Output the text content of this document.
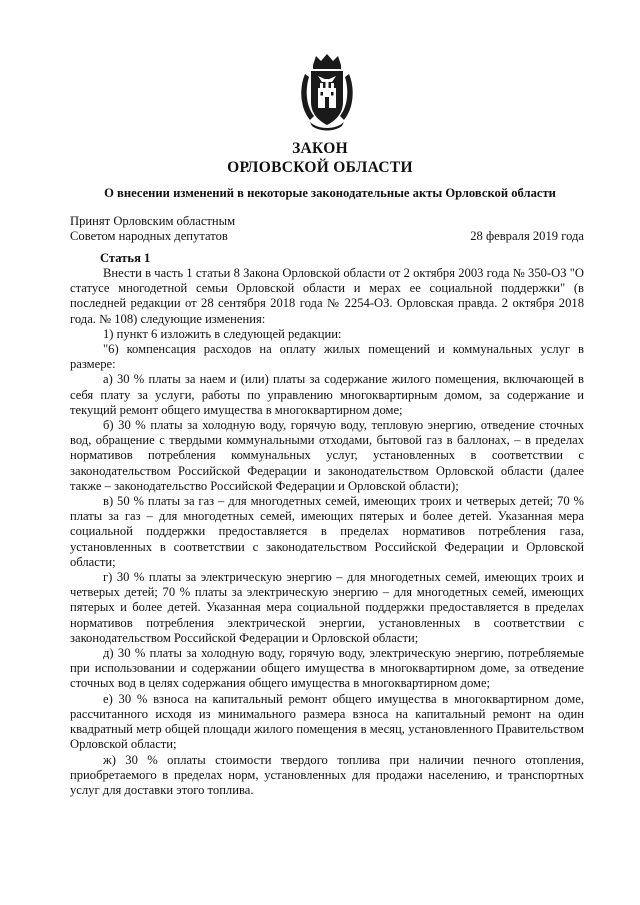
ЗАКОН
ОРЛОВСКОЙ ОБЛАСТИ
О внесении изменений в некоторые законодательные акты Орловской области
Принят Орловским областным
Советом народных депутатов	28 февраля 2019 года
Статья 1

Внести в часть 1 статьи 8 Закона Орловской области от 2 октября 2003 года № 350-ОЗ "О статусе многодетной семьи Орловской области и мерах ее социальной поддержки" (в последней редакции от 28 сентября 2018 года № 2254-ОЗ. Орловская правда. 2 октября 2018 года. № 108) следующие изменения:

1) пункт 6 изложить в следующей редакции:

"6) компенсация расходов на оплату жилых помещений и коммунальных услуг в размере:

а) 30 % платы за наем и (или) платы за содержание жилого помещения, включающей в себя плату за услуги, работы по управлению многоквартирным домом, за содержание и текущий ремонт общего имущества в многоквартирном доме;

б) 30 % платы за холодную воду, горячую воду, тепловую энергию, отведение сточных вод, обращение с твердыми коммунальными отходами, бытовой газ в баллонах, – в пределах нормативов потребления коммунальных услуг, установленных в соответствии с законодательством Российской Федерации и законодательством Орловской области (далее также – законодательство Российской Федерации и Орловской области);

в) 50 % платы за газ – для многодетных семей, имеющих троих и четверых детей; 70 % платы за газ – для многодетных семей, имеющих пятерых и более детей. Указанная мера социальной поддержки предоставляется в пределах нормативов потребления газа, установленных в соответствии с законодательством Российской Федерации и Орловской области;

г) 30 % платы за электрическую энергию – для многодетных семей, имеющих троих и четверых детей; 70 % платы за электрическую энергию – для многодетных семей, имеющих пятерых и более детей. Указанная мера социальной поддержки предоставляется в пределах нормативов потребления электрической энергии, установленных в соответствии с законодательством Российской Федерации и Орловской области;

д) 30 % платы за холодную воду, горячую воду, электрическую энергию, потребляемые при использовании и содержании общего имущества в многоквартирном доме, за отведение сточных вод в целях содержания общего имущества в многоквартирном доме;

е) 30 % взноса на капитальный ремонт общего имущества в многоквартирном доме, рассчитанного исходя из минимального размера взноса на капитальный ремонт на один квадратный метр общей площади жилого помещения в месяц, установленного Правительством Орловской области;

ж) 30 % оплаты стоимости твердого топлива при наличии печного отопления, приобретаемого в пределах норм, установленных для продажи населению, и транспортных услуг для доставки этого топлива.
